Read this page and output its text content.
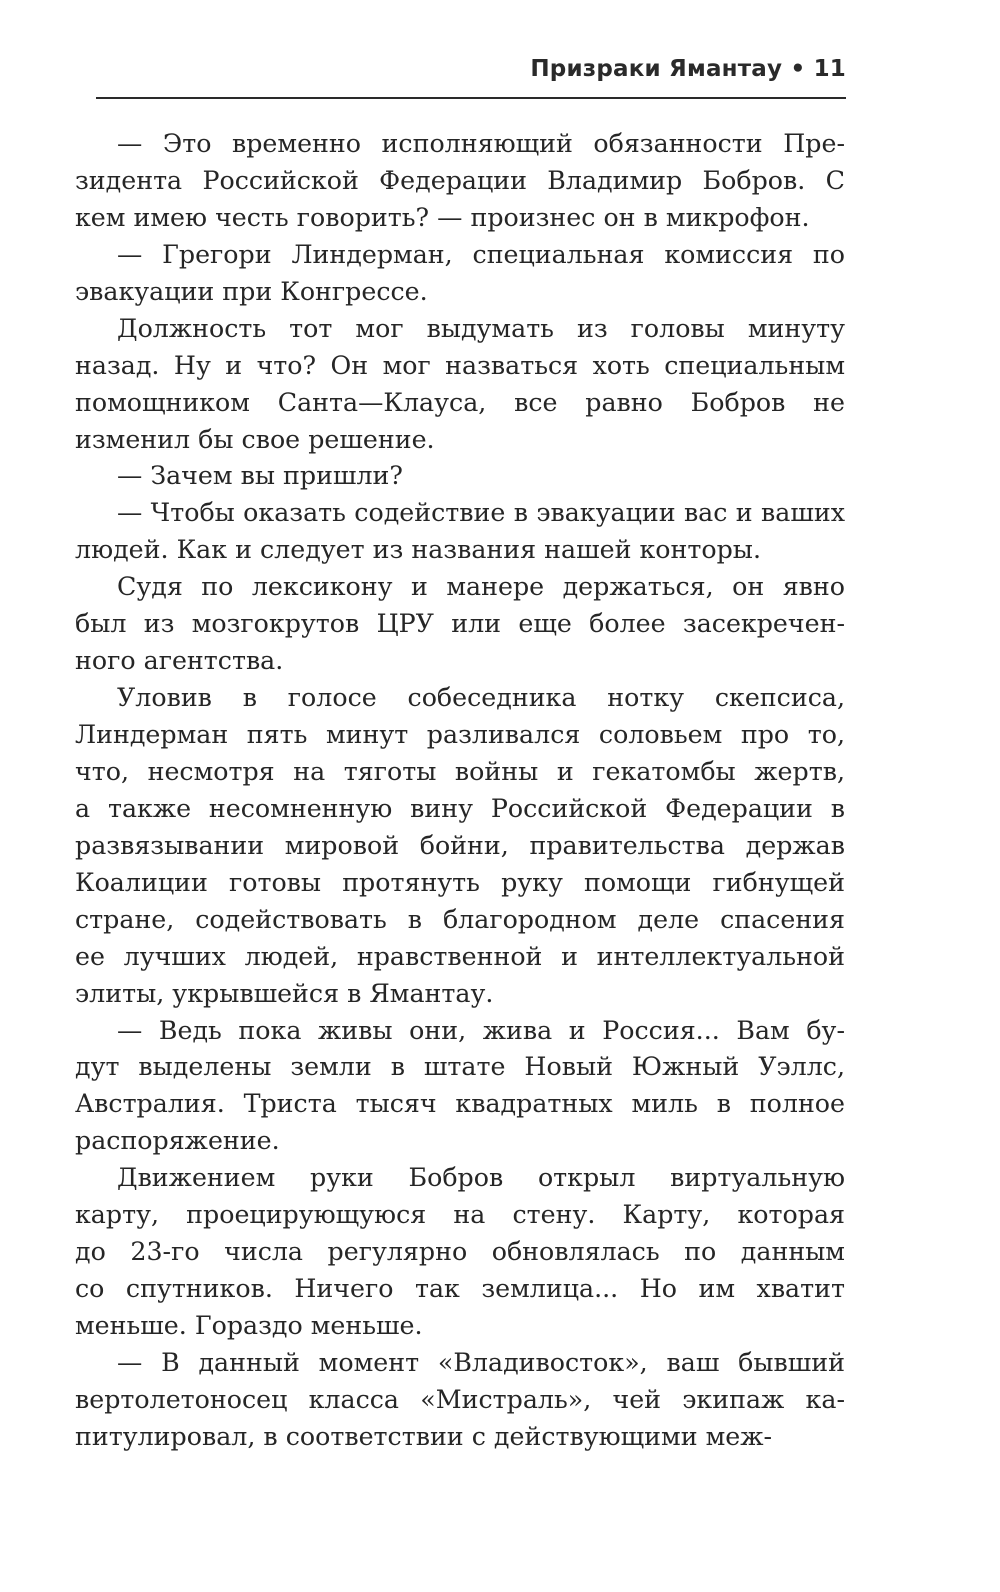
Призраки Ямантау • 11
— Это временно исполняющий обязанности Пре-
зидента Российской Федерации Владимир Бобров. С
кем имею честь говорить? — произнес он в микрофон.
— Грегори Линдерман, специальная комиссия по
эвакуации при Конгрессе.
Должность тот мог выдумать из головы минуту
назад. Ну и что? Он мог назваться хоть специальным
помощником Санта—Клауса, все равно Бобров не
изменил бы свое решение.
— Зачем вы пришли?
— Чтобы оказать содействие в эвакуации вас и ваших
людей. Как и следует из названия нашей конторы.
Судя по лексикону и манере держаться, он явно
был из мозгокрутов ЦРУ или еще более засекречен-
ного агентства.
Уловив в голосе собеседника нотку скепсиса,
Линдерман пять минут разливался соловьем про то,
что, несмотря на тяготы войны и гекатомбы жертв,
а также несомненную вину Российской Федерации в
развязывании мировой бойни, правительства держав
Коалиции готовы протянуть руку помощи гибнущей
стране, содействовать в благородном деле спасения
ее лучших людей, нравственной и интеллектуальной
элиты, укрывшейся в Ямантау.
— Ведь пока живы они, жива и Россия... Вам бу-
дут выделены земли в штате Новый Южный Уэллс,
Австралия. Триста тысяч квадратных миль в полное
распоряжение.
Движением руки Бобров открыл виртуальную
карту, проецирующуюся на стену. Карту, которая
до 23-го числа регулярно обновлялась по данным
со спутников. Ничего так землица... Но им хватит
меньше. Гораздо меньше.
— В данный момент «Владивосток», ваш бывший
вертолетоносец класса «Мистраль», чей экипаж ка-
питулировал, в соответствии с действующими меж-
